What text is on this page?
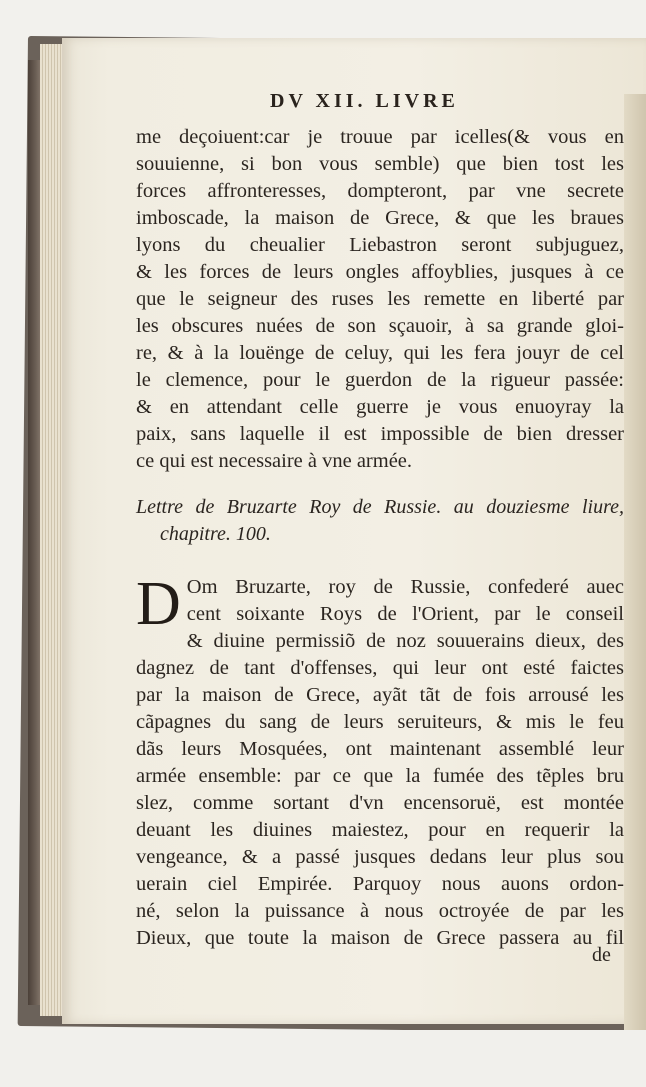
DV XII. LIVRE
me deçoiuent:car je trouue par icelles(& vous en
souuienne, si bon vous semble) que bien tost les
forces affronteresses, dompteront, par vne secrete
imboscade, la maison de Grece, & que les braues
lyons du cheualier Liebastron seront subjuguez,
& les forces de leurs ongles affoyblies, jusques à ce
que le seigneur des ruses les remette en liberté par
les obscures nuées de son sçauoir, à sa grande gloi-
re, & à la louënge de celuy, qui les fera jouyr de cel
le clemence, pour le guerdon de la rigueur passée:
& en attendant celle guerre je vous enuoyray la
paix, sans laquelle il est impossible de bien dresser
ce qui est necessaire à vne armée.
Lettre de Bruzarte Roy de Russie. au douziesme liure,
chapitre. 100.
D Om Bruzarte, roy de Russie, confederé auec
cent soixante Roys de l'Orient, par le conseil
& diuine permissiõ de noz souuerains dieux, des
dagnez de tant d'offenses, qui leur ont esté faictes
par la maison de Grece, ayãt tãt de fois arrousé les
cãpagnes du sang de leurs seruiteurs, & mis le feu
dãs leurs Mosquées, ont maintenant assemblé leur
armée ensemble: par ce que la fumée des tẽples bru
slez, comme sortant d'vn encensoruë, est montée
deuant les diuines maiestez, pour en requerir la
vengeance, & a passé jusques dedans leur plus sou
uerain ciel Empirée. Parquoy nous auons ordon-
né, selon la puissance à nous octroyée de par les
Dieux, que toute la maison de Grece passera au fil
de
